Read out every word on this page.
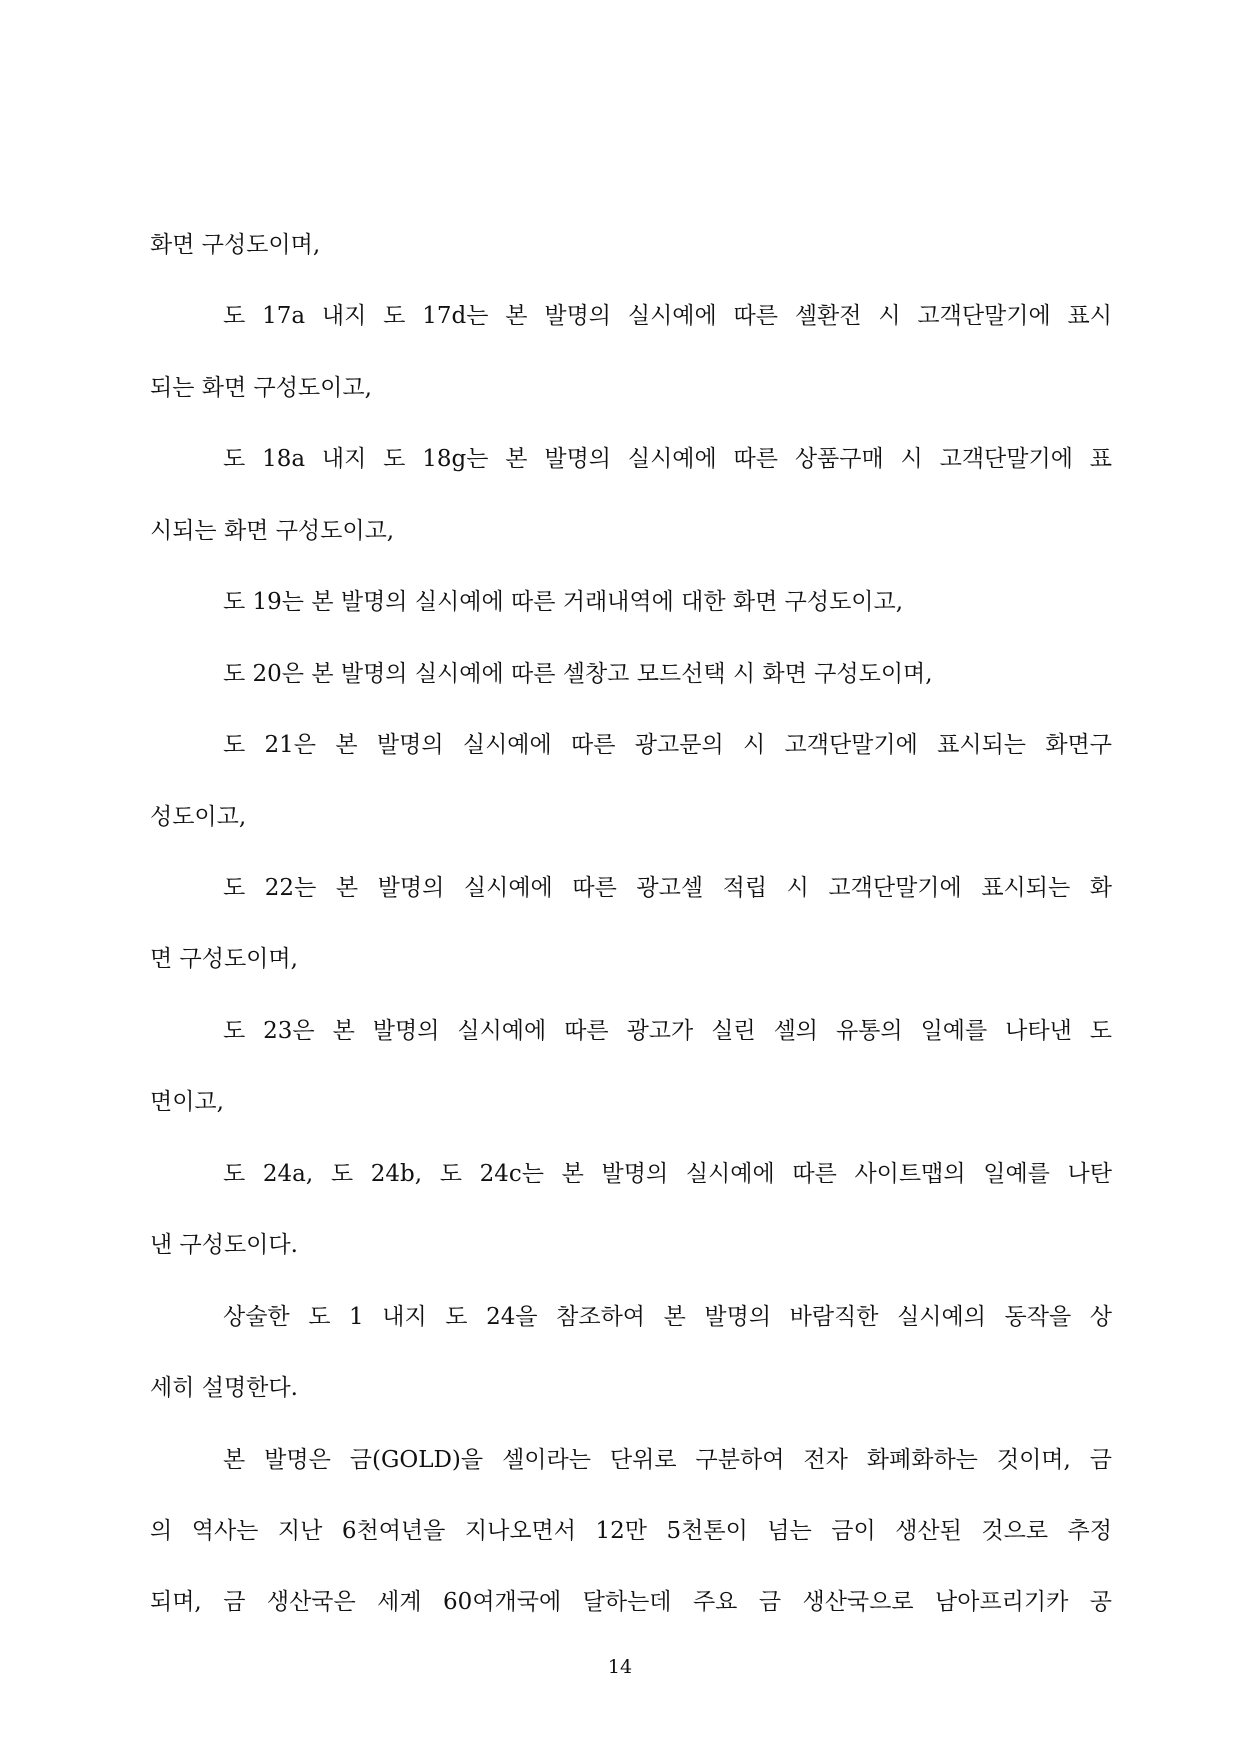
화면 구성도이며,

도 17a 내지 도 17d는 본 발명의 실시예에 따른 셀환전 시 고객단말기에 표시

되는 화면 구성도이고,

도 18a 내지 도 18g는 본 발명의 실시예에 따른 상품구매 시 고객단말기에 표

시되는 화면 구성도이고,

도 19는 본 발명의 실시예에 따른 거래내역에 대한 화면 구성도이고,

도 20은 본 발명의 실시예에 따른 셀창고 모드선택 시 화면 구성도이며,

도 21은 본 발명의 실시예에 따른 광고문의 시 고객단말기에 표시되는 화면구

성도이고,

도 22는 본 발명의 실시예에 따른 광고셀 적립 시 고객단말기에 표시되는 화

면 구성도이며,

도 23은 본 발명의 실시예에 따른 광고가 실린 셀의 유통의 일예를 나타낸 도

면이고,

도 24a, 도 24b, 도 24c는 본 발명의 실시예에 따른 사이트맵의 일예를 나탄

낸 구성도이다.

상술한 도 1 내지 도 24을 참조하여 본 발명의 바람직한 실시예의 동작을 상

세히 설명한다.

본 발명은 금(GOLD)을 셀이라는 단위로 구분하여 전자 화폐화하는 것이며, 금

의 역사는 지난 6천여년을 지나오면서 12만 5천톤이 넘는 금이 생산된 것으로 추정

되며, 금 생산국은 세계 60여개국에 달하는데 주요 금 생산국으로 남아프리기카 공

14
